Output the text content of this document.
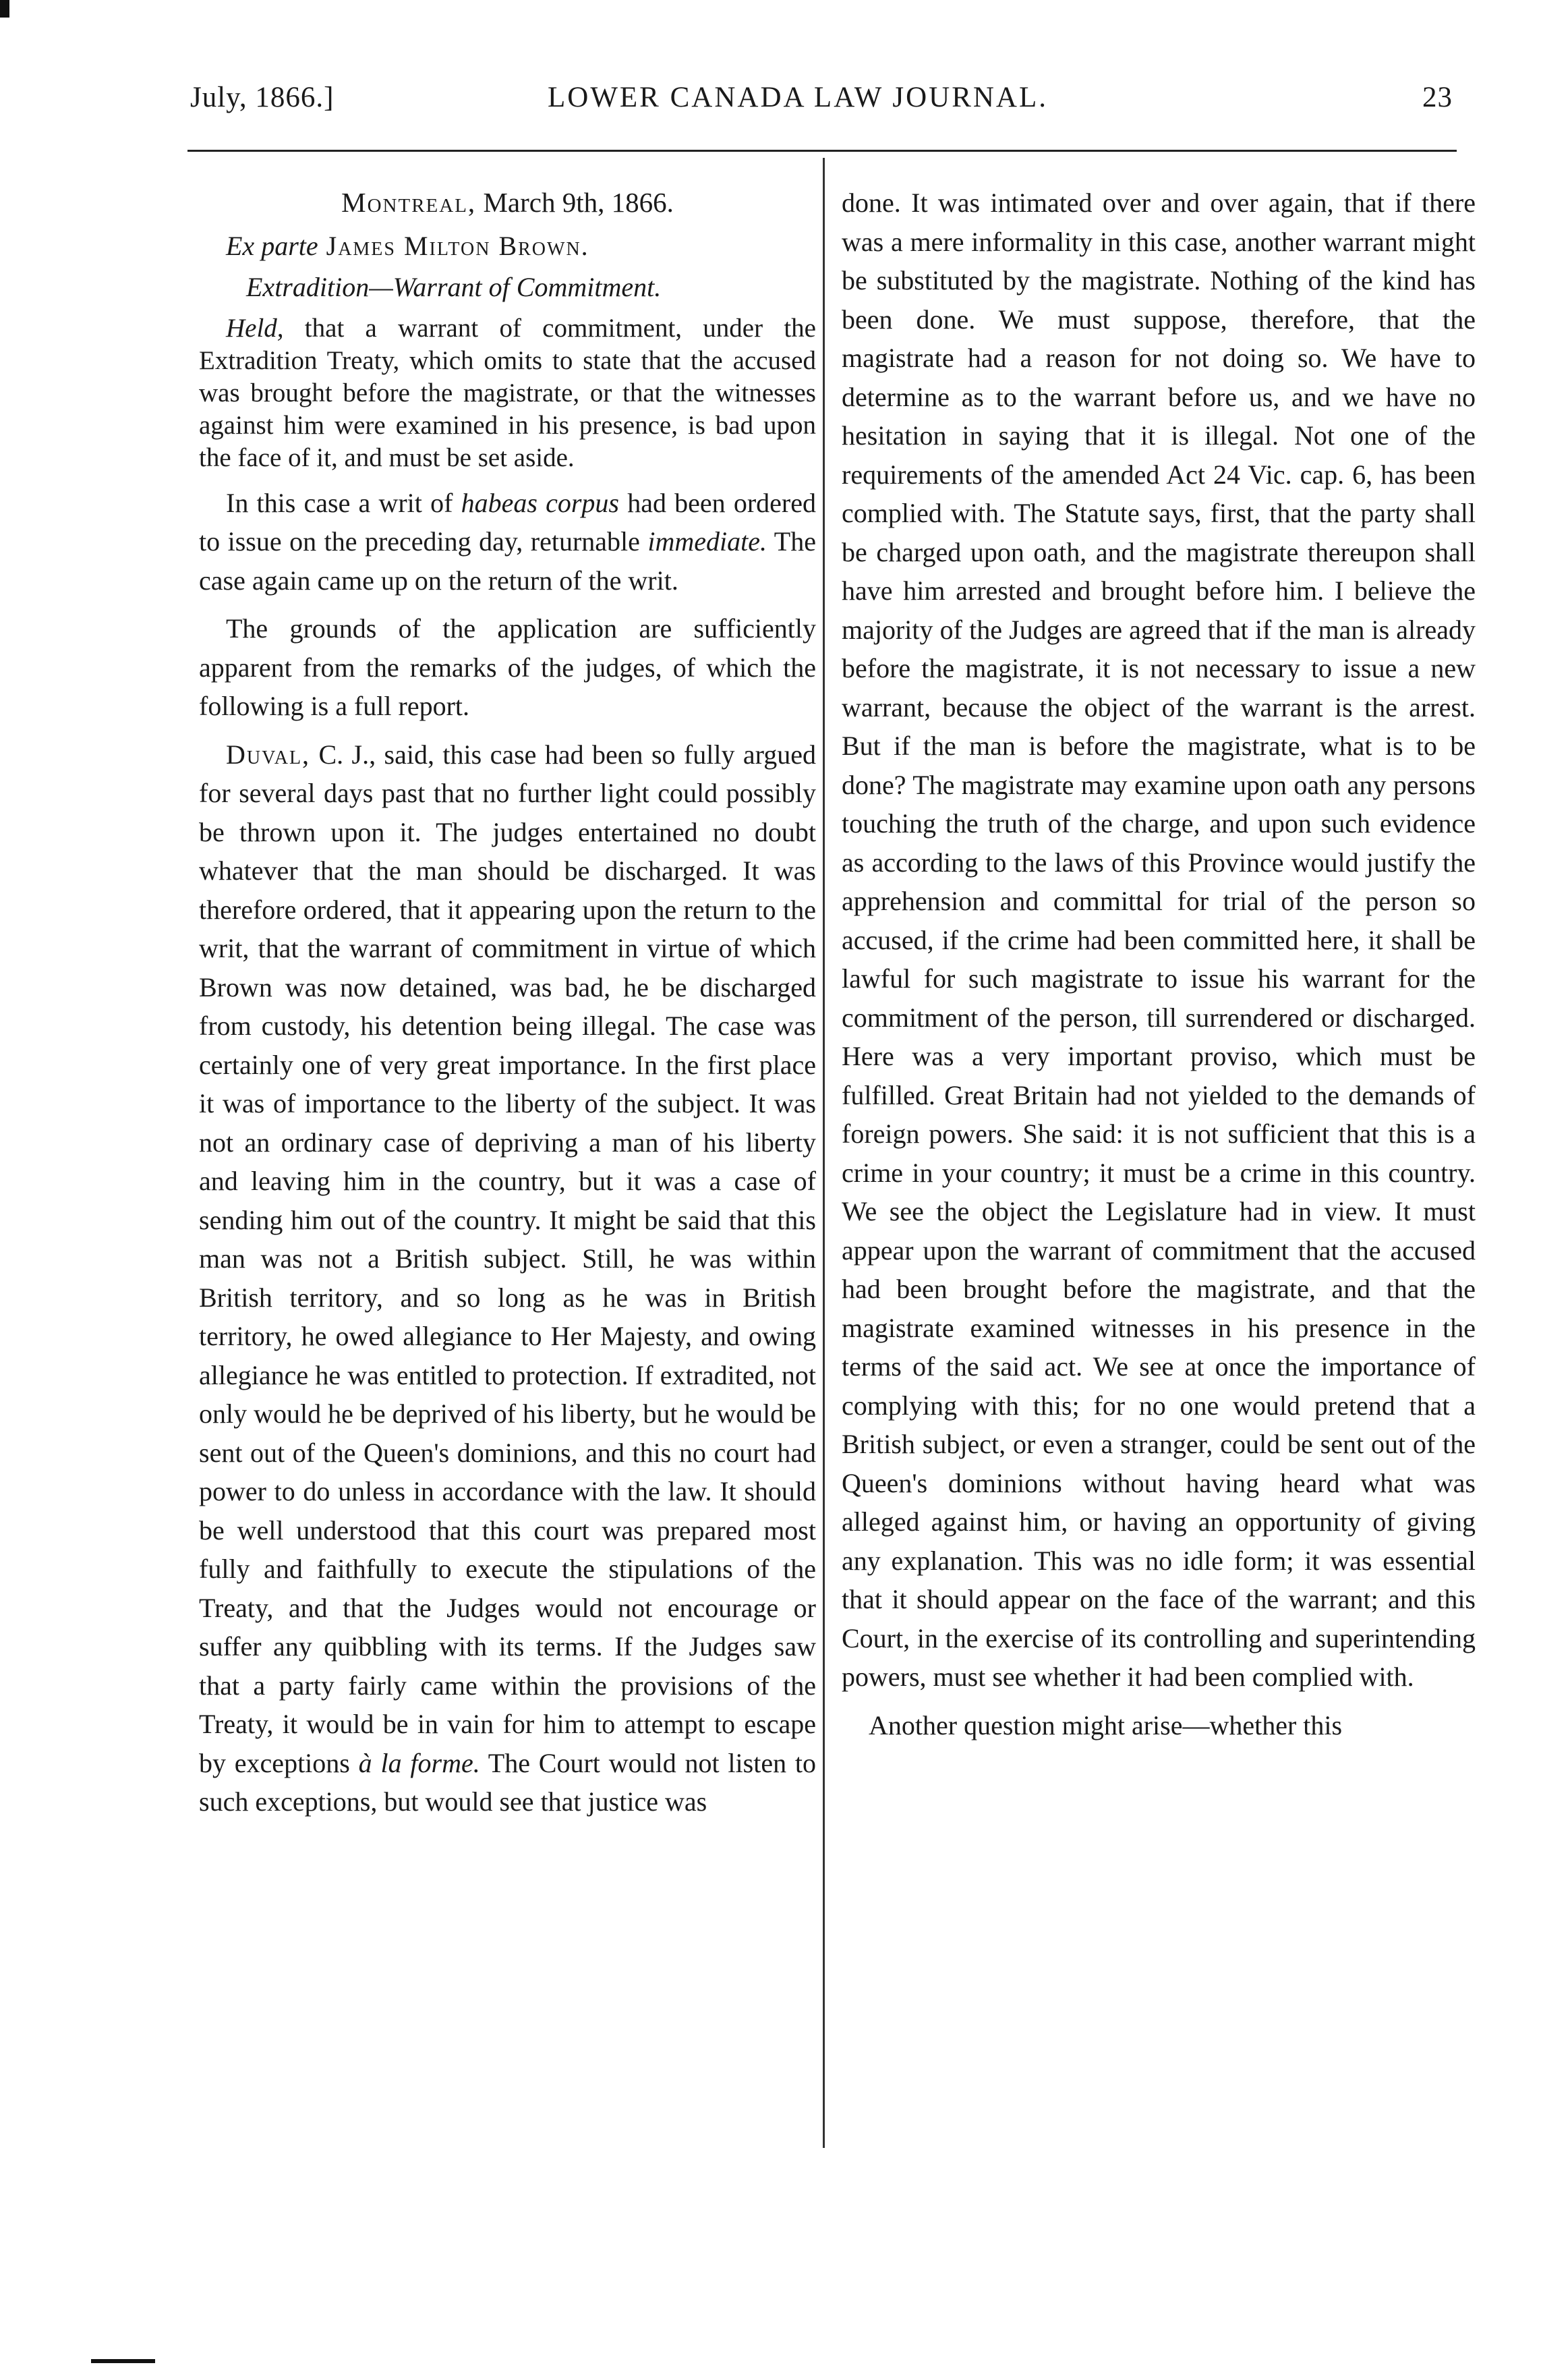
July, 1866.]	LOWER CANADA LAW JOURNAL.	23
Montreal, March 9th, 1866.
Ex parte James Milton Brown.
Extradition—Warrant of Commitment.
Held, that a warrant of commitment, under the Extradition Treaty, which omits to state that the accused was brought before the magistrate, or that the witnesses against him were examined in his presence, is bad upon the face of it, and must be set aside.

In this case a writ of habeas corpus had been ordered to issue on the preceding day, returnable immediate. The case again came up on the return of the writ.

The grounds of the application are sufficiently apparent from the remarks of the judges, of which the following is a full report.

Duval, C. J., said, this case had been so fully argued for several days past that no further light could possibly be thrown upon it. The judges entertained no doubt whatever that the man should be discharged. It was therefore ordered, that it appearing upon the return to the writ, that the warrant of commitment in virtue of which Brown was now detained, was bad, he be discharged from custody, his detention being illegal. The case was certainly one of very great importance. In the first place it was of importance to the liberty of the subject. It was not an ordinary case of depriving a man of his liberty and leaving him in the country, but it was a case of sending him out of the country. It might be said that this man was not a British subject. Still, he was within British territory, and so long as he was in British territory, he owed allegiance to Her Majesty, and owing allegiance he was entitled to protection. If extradited, not only would he be deprived of his liberty, but he would be sent out of the Queen's dominions, and this no court had power to do unless in accordance with the law. It should be well understood that this court was prepared most fully and faithfully to execute the stipulations of the Treaty, and that the Judges would not encourage or suffer any quibbling with its terms. If the Judges saw that a party fairly came within the provisions of the Treaty, it would be in vain for him to attempt to escape by exceptions à la forme. The Court would not listen to such exceptions, but would see that justice was

done. It was intimated over and over again, that if there was a mere informality in this case, another warrant might be substituted by the magistrate. Nothing of the kind has been done. We must suppose, therefore, that the magistrate had a reason for not doing so. We have to determine as to the warrant before us, and we have no hesitation in saying that it is illegal. Not one of the requirements of the amended Act 24 Vic. cap. 6, has been complied with. The Statute says, first, that the party shall be charged upon oath, and the magistrate thereupon shall have him arrested and brought before him. I believe the majority of the Judges are agreed that if the man is already before the magistrate, it is not necessary to issue a new warrant, because the object of the warrant is the arrest. But if the man is before the magistrate, what is to be done? The magistrate may examine upon oath any persons touching the truth of the charge, and upon such evidence as according to the laws of this Province would justify the apprehension and committal for trial of the person so accused, if the crime had been committed here, it shall be lawful for such magistrate to issue his warrant for the commitment of the person, till surrendered or discharged. Here was a very important proviso, which must be fulfilled. Great Britain had not yielded to the demands of foreign powers. She said: it is not sufficient that this is a crime in your country; it must be a crime in this country. We see the object the Legislature had in view. It must appear upon the warrant of commitment that the accused had been brought before the magistrate, and that the magistrate examined witnesses in his presence in the terms of the said act. We see at once the importance of complying with this; for no one would pretend that a British subject, or even a stranger, could be sent out of the Queen's dominions without having heard what was alleged against him, or having an opportunity of giving any explanation. This was no idle form; it was essential that it should appear on the face of the warrant; and this Court, in the exercise of its controlling and superintending powers, must see whether it had been complied with.

Another question might arise—whether this
